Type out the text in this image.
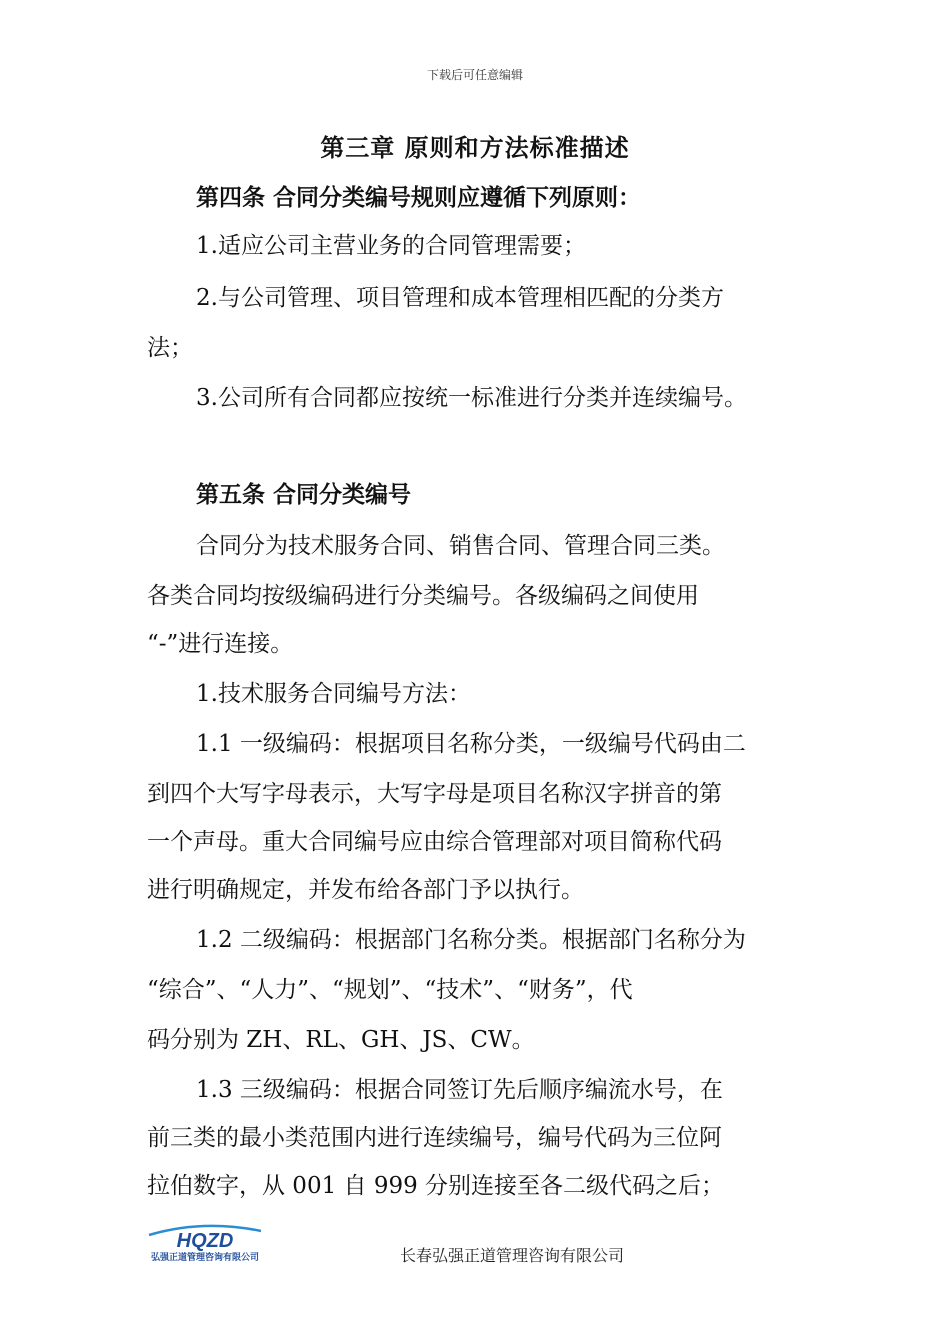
下载后可任意编辑
第三章 原则和方法标准描述
第四条 合同分类编号规则应遵循下列原则：
1.适应公司主营业务的合同管理需要；
2.与公司管理、项目管理和成本管理相匹配的分类方
法；
3.公司所有合同都应按统一标准进行分类并连续编号。
第五条 合同分类编号
合同分为技术服务合同、销售合同、管理合同三类。
各类合同均按级编码进行分类编号。各级编码之间使用
“-”进行连接。
1.技术服务合同编号方法：
1.1 一级编码：根据项目名称分类，一级编号代码由二
到四个大写字母表示，大写字母是项目名称汉字拼音的第
一个声母。重大合同编号应由综合管理部对项目简称代码
进行明确规定，并发布给各部门予以执行。
1.2 二级编码：根据部门名称分类。根据部门名称分为
“综合”、“人力”、“规划”、“技术”、“财务”，代
码分别为 ZH、RL、GH、JS、CW。
1.3 三级编码：根据合同签订先后顺序编流水号，在
前三类的最小类范围内进行连续编号，编号代码为三位阿
拉伯数字，从 001 自 999 分别连接至各二级代码之后；
HQZD
弘强正道管理咨询有限公司	长春弘强正道管理咨询有限公司
